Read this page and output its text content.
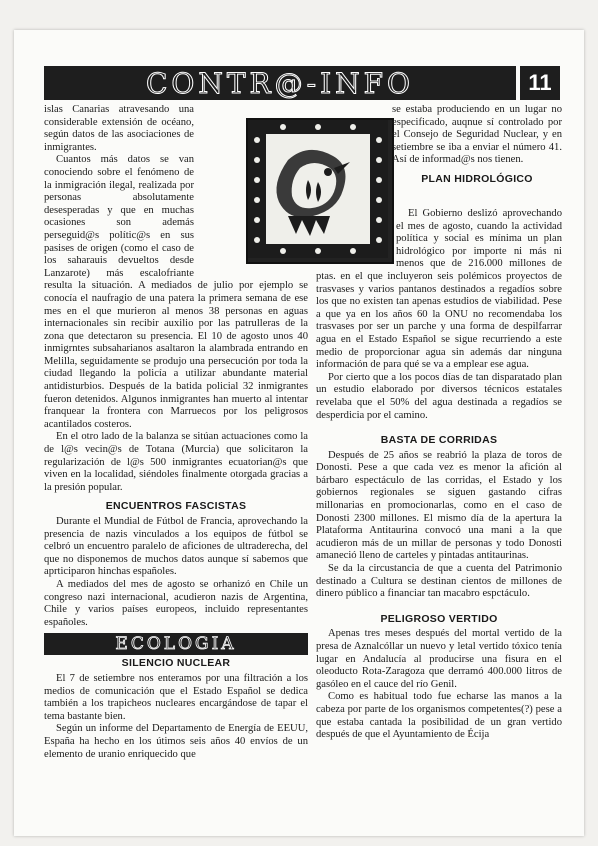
CONTR@-INFO	11

islas Canarias atravesando una considerable extensión de océano, según datos de las asociaciones de inmigrantes.

Cuantos más datos se van conociendo sobre el fenómeno de la inmigración ilegal, realizada por personas absolutamente desesperadas y que en muchas ocasiones son además perseguid@s polític@s en sus pasises de origen (como el caso de los saharauis devueltos desde Lanzarote) más escalofriante resulta la situación. A mediados de julio por ejemplo se conocía el naufragio de una patera la primera semana de ese mes en el que murieron al menos 38 personas en aguas internacionales sin recibir auxilio por las patrulleras de la zona que detectaron su presencia. El 10 de agosto unos 40 inmigrntes subsaharianos asaltaron la alambrada entrando en Melilla, seguidamente se produjo una persecución por toda la ciudad llegando la policía a utilizar abundante material antidisturbios. Después de la batida policial 32 inmigrantes fueron detenidos. Algunos inmigrantes han muerto al intentar franquear la frontera con Marruecos por los peligrosos acantilados costeros.

En el otro lado de la balanza se sitúan actuaciones como la de l@s vecin@s de Totana (Murcia) que solicitaron la regularización de l@s 500 inmigrantes ecuatorian@s que viven en la localidad, siéndoles finalmente otorgada gracias a la presión popular.

ENCUENTROS FASCISTAS

Durante el Mundial de Fútbol de Francia, aprovechando la presencia de nazis vinculados a los equipos de fútbol se celbró un encuentro paralelo de aficiones de ultraderecha, del que no disponemos de muchos datos aunque sí sabemos que aprticiparon hinchas españoles.

A mediados del mes de agosto se orhanizó en Chile un congreso nazi internacional, acudieron nazis de Argentina, Chile y varios países europeos, incluido representantes españoles.

ECOLOGIA
SILENCIO NUCLEAR

El 7 de setiembre nos enteramos por una filtración a los medios de comunicación que el Estado Español se dedica también a los trapicheos nucleares encargándose de tapar el tema bastante bien.

Según un informe del Departamento de Energía de EEUU, España ha hecho en los útimos seis años 40 envíos de un elemento de uranio enriquecido que

se estaba produciendo en un lugar no especificado, auqnue sí controlado por el Consejo de Seguridad Nuclear, y en setiembre se iba a enviar el número 41. Así de informad@s nos tienen.

PLAN HIDROLÓGICO

El Gobierno deslizó aprovechando el mes de agosto, cuando la actividad política y social es mínima un plan hidrológico por importe ni más ni menos que de 216.000 millones de ptas. en el que incluyeron seis polémicos proyectos de trasvases y varios pantanos destinados a regadíos sobre los que no existen tan apenas estudios de viabilidad. Pese a que ya en los años 60 la ONU no recomendaba los trasvases por ser un parche y una forma de despilfarrar agua en el Estado Español se sigue recurriendo a este medio de proporcionar agua sin además dar ninguna información de para qué se va a emplear ese agua.

Por cierto que a los pocos días de tan disparatado plan un estudio elaborado por diversos técnicos estatales revelaba que el 50% del agua destinada a regadíos se desperdicia por el camino.

BASTA DE CORRIDAS

Después de 25 años se reabrió la plaza de toros de Donosti. Pese a que cada vez es menor la afición al bárbaro espectáculo de las corridas, el Estado y los gobiernos regionales se siguen gastando cifras millonarias en promocionarlas, como en el caso de Donosti 2300 millones. El mismo día de la apertura la Plataforma Antitaurina convocó una mani a la que acudieron más de un millar de personas y todo Donosti amaneció lleno de carteles y pintadas antitaurinas.

Se da la circustancia de que a cuenta del Patrimonio destinado a Cultura se destinan cientos de millones de dinero público a financiar tan macabro espctáculo.

PELIGROSO VERTIDO

Apenas tres meses después del mortal vertido de la presa de Aznalcóllar un nuevo y letal vertido tóxico tenía lugar en Andalucía al producirse una fisura en el oleoducto Rota-Zaragoza que derramó 400.000 litros de gasóleo en el cauce del río Genil.

Como es habitual todo fue echarse las manos a la cabeza por parte de los organismos competentes(?) pese a que estaba cantada la posibilidad de un gran vertido después de que el Ayuntamiento de Écija
